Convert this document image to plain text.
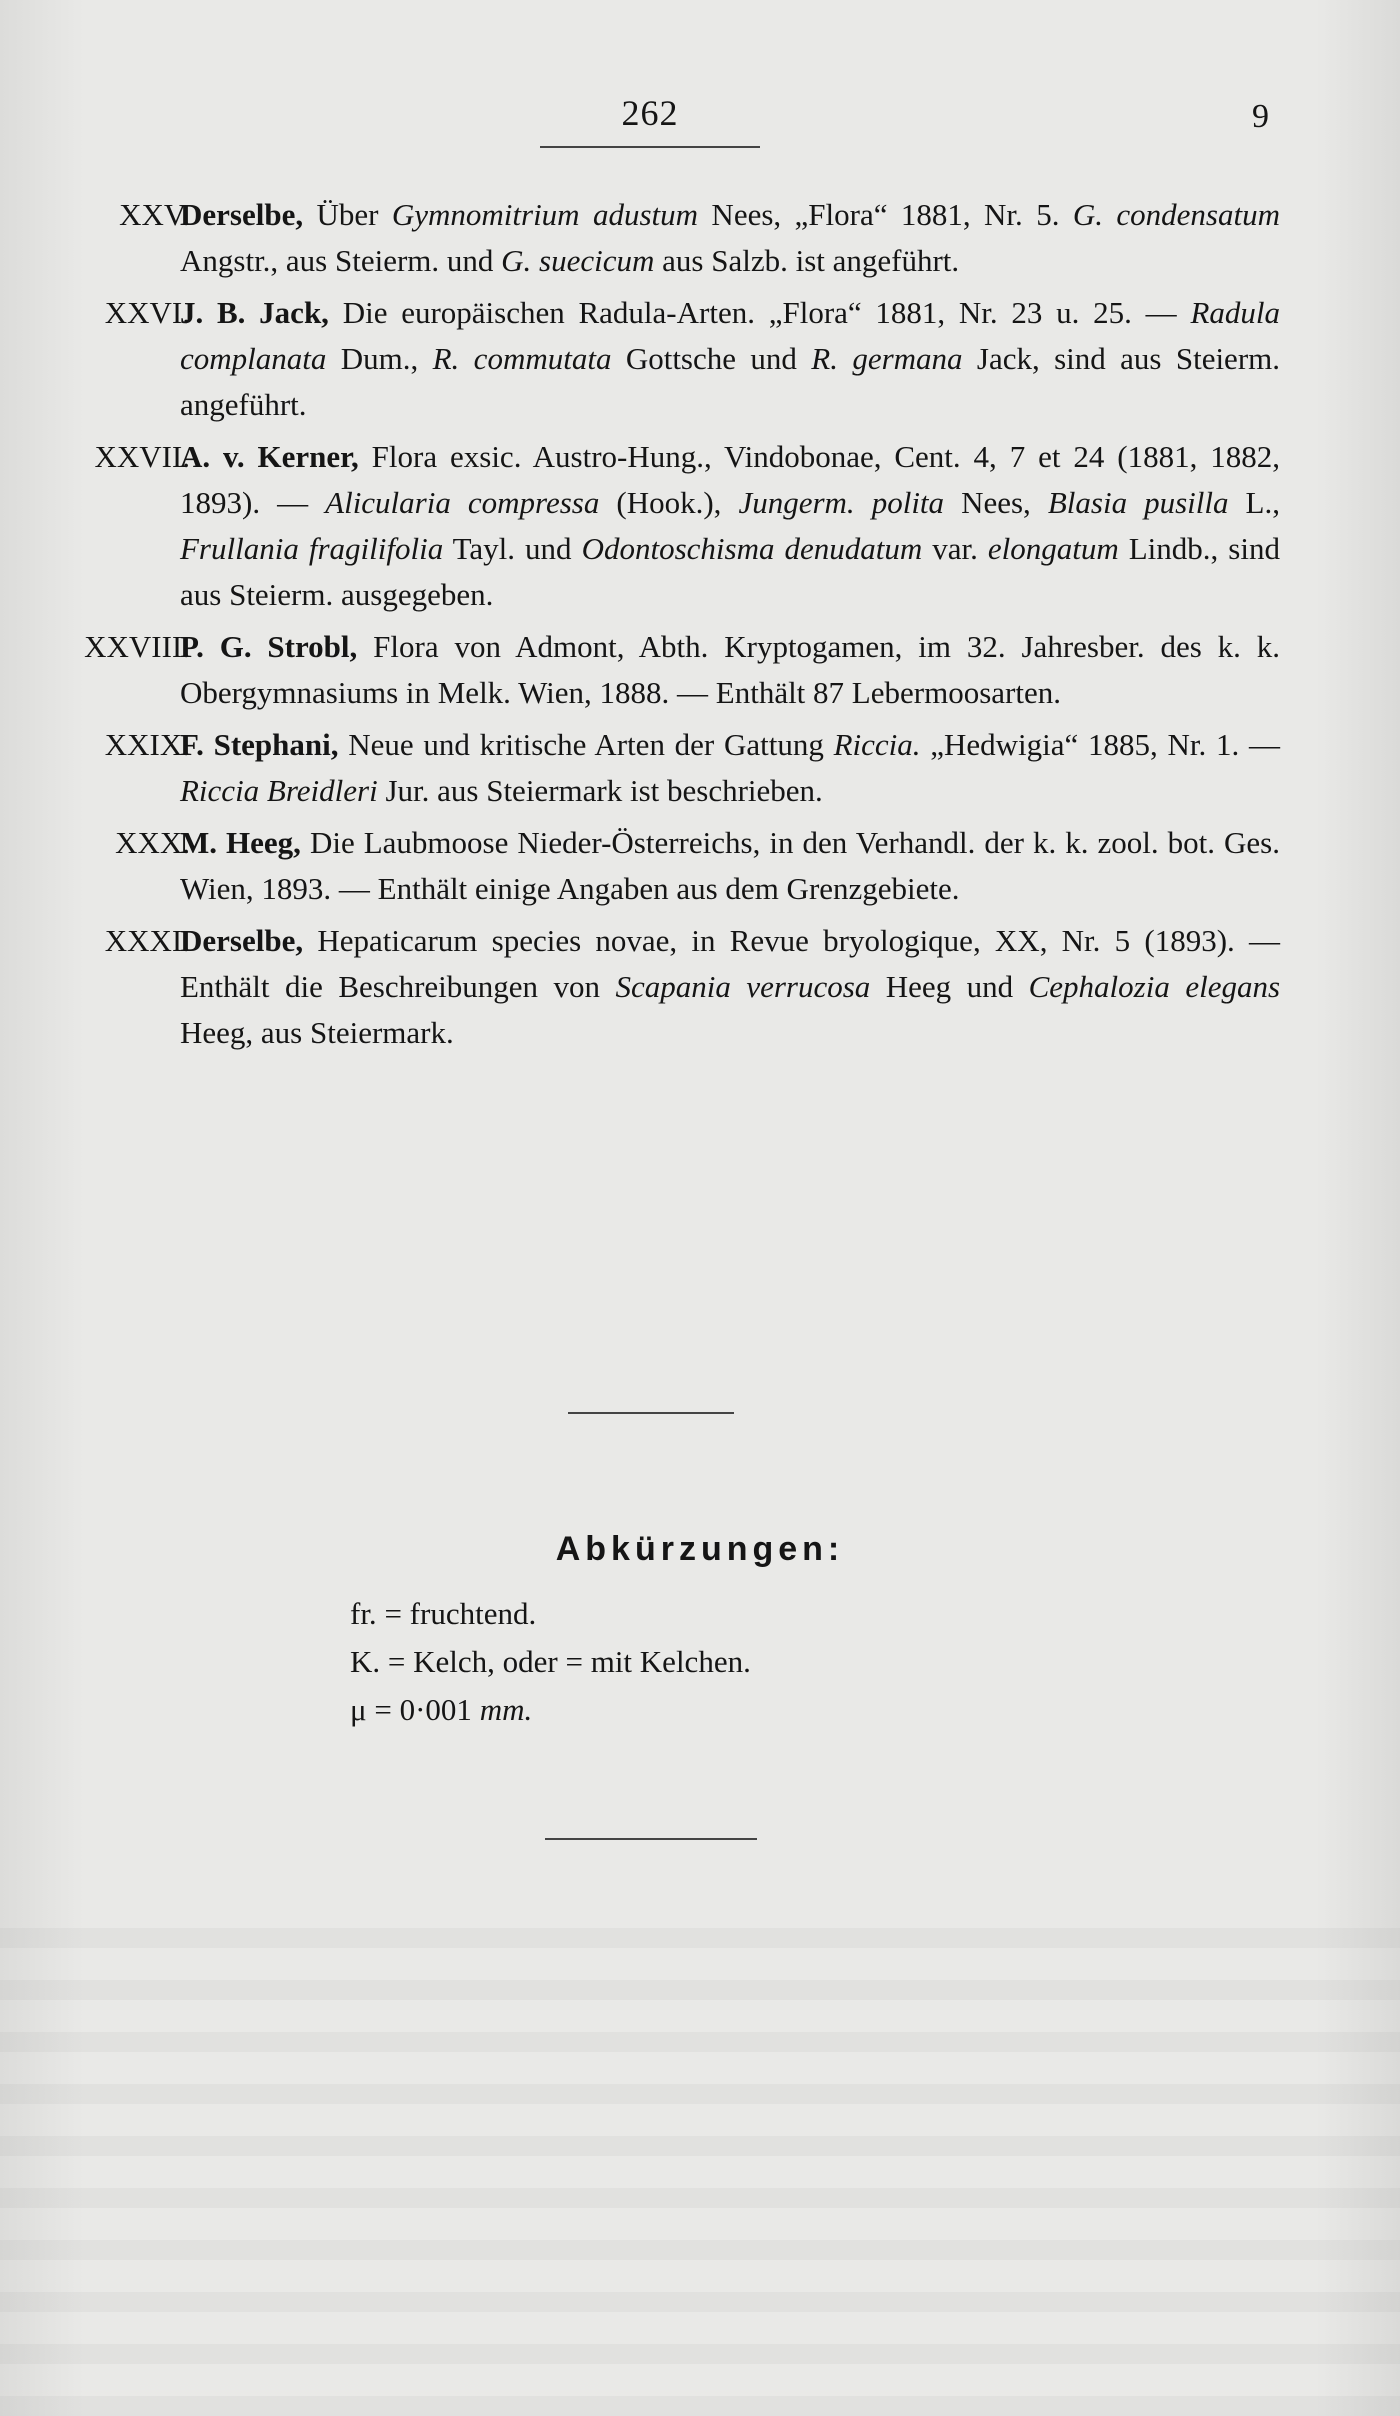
262	9
XXV.
Derselbe, Über Gymnomitrium adustum Nees, „Flora“ 1881, Nr. 5. G. condensatum Angstr., aus Steierm. und G. suecicum aus Salzb. ist angeführt.
XXVI.
J. B. Jack, Die europäischen Radula-Arten. „Flora“ 1881, Nr. 23 u. 25. — Radula complanata Dum., R. commutata Gottsche und R. germana Jack, sind aus Steierm. angeführt.
XXVII.
A. v. Kerner, Flora exsic. Austro-Hung., Vindobonae, Cent. 4, 7 et 24 (1881, 1882, 1893). — Alicularia compressa (Hook.), Jungerm. polita Nees, Blasia pusilla L., Frullania fragilifolia Tayl. und Odontoschisma denudatum var. elongatum Lindb., sind aus Steierm. ausgegeben.
XXVIII.
P. G. Strobl, Flora von Admont, Abth. Kryptogamen, im 32. Jahresber. des k. k. Obergymnasiums in Melk. Wien, 1888. — Enthält 87 Lebermoosarten.
XXIX.
F. Stephani, Neue und kritische Arten der Gattung Riccia. „Hedwigia“ 1885, Nr. 1. — Riccia Breidleri Jur. aus Steiermark ist beschrieben.
XXX.
M. Heeg, Die Laubmoose Nieder-Österreichs, in den Verhandl. der k. k. zool. bot. Ges. Wien, 1893. — Enthält einige Angaben aus dem Grenzgebiete.
XXXI.
Derselbe, Hepaticarum species novae, in Revue bryologique, XX, Nr. 5 (1893). — Enthält die Beschreibungen von Scapania verrucosa Heeg und Cephalozia elegans Heeg, aus Steiermark.
Abkürzungen:
fr. = fruchtend.
K. = Kelch, oder = mit Kelchen.
μ = 0·001 mm.
